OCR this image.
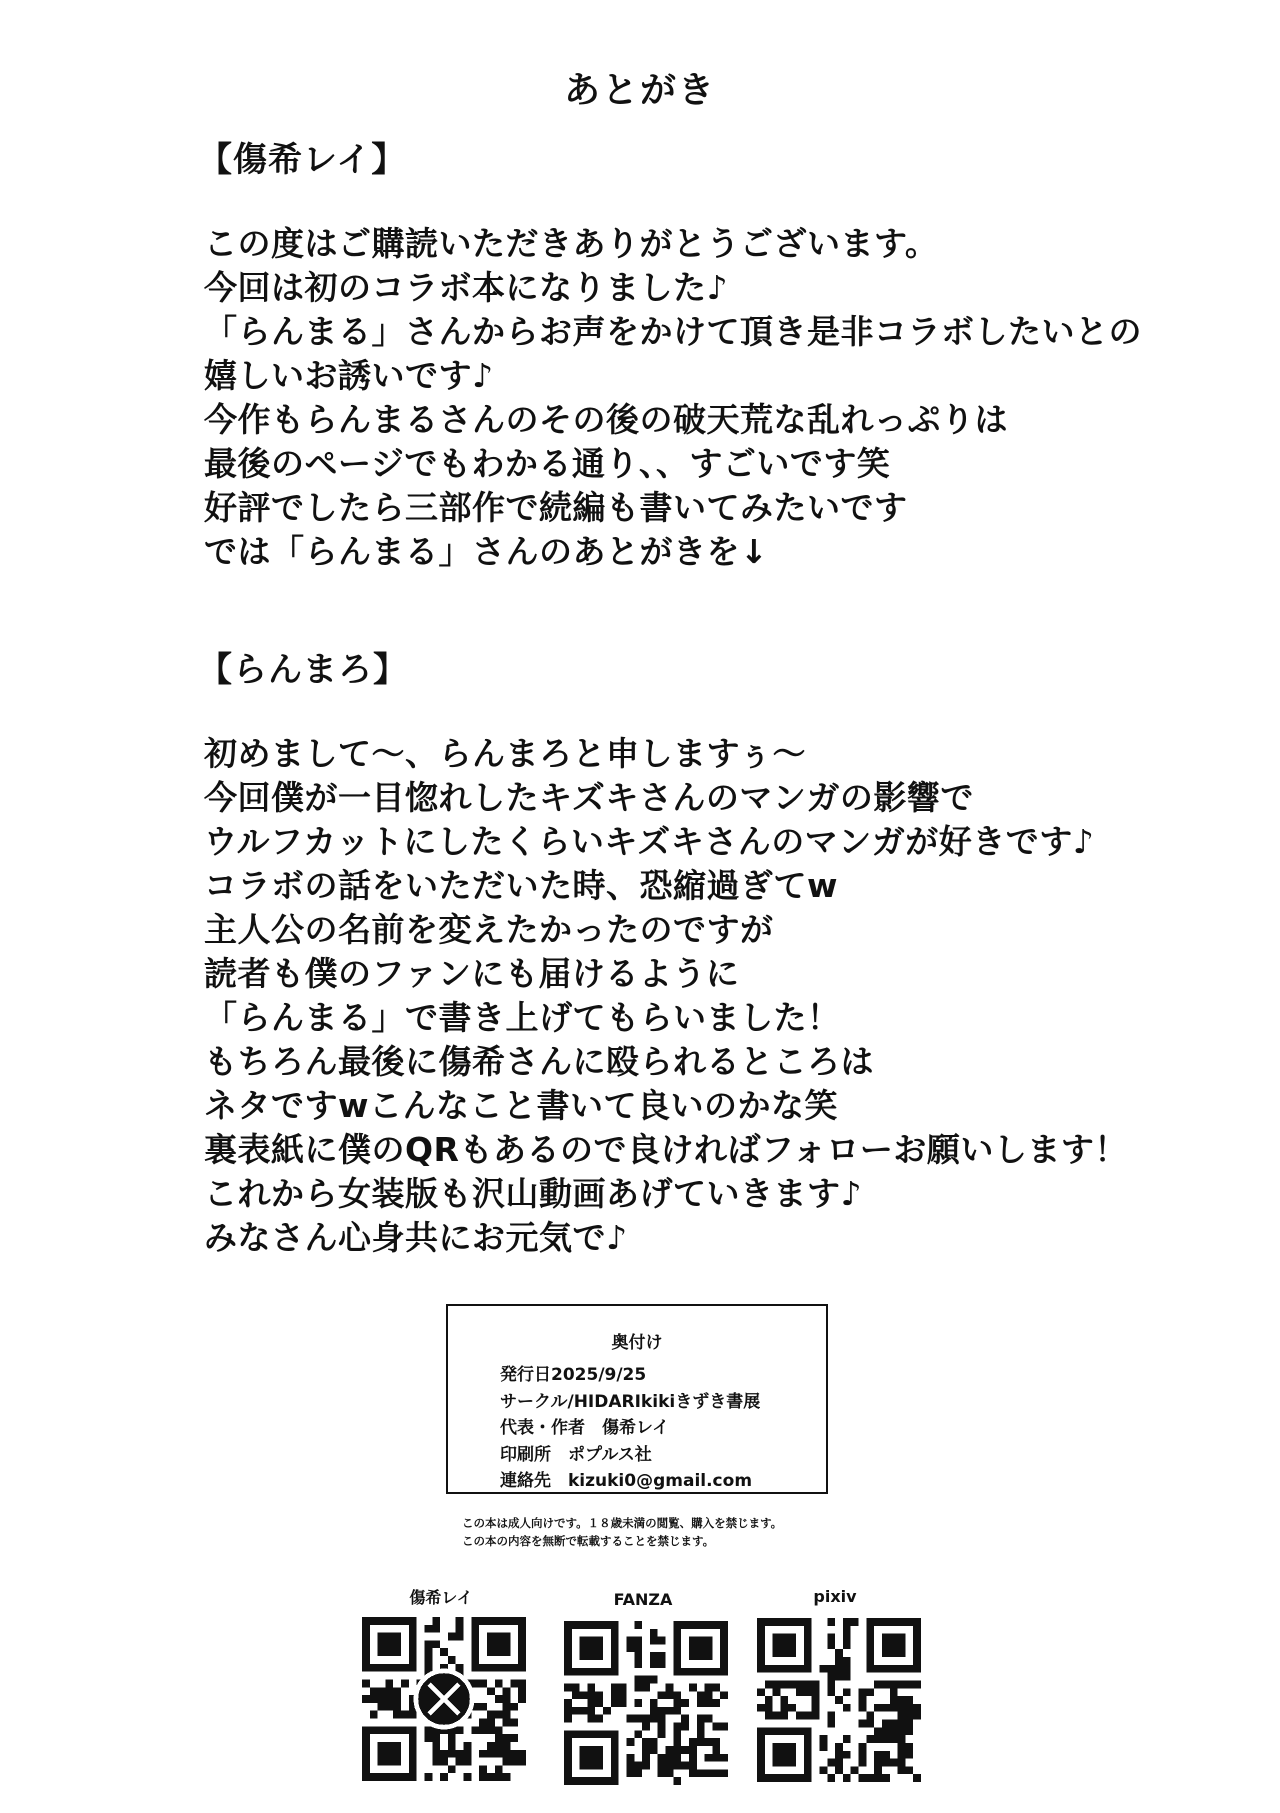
あとがき
【傷希レイ】
この度はご購読いただきありがとうございます。
今回は初のコラボ本になりました♪
「らんまる」さんからお声をかけて頂き是非コラボしたいとの
嬉しいお誘いです♪
今作もらんまるさんのその後の破天荒な乱れっぷりは
最後のページでもわかる通り、、すごいです笑
好評でしたら三部作で続編も書いてみたいです
では「らんまる」さんのあとがきを↓
【らんまろ】
初めまして〜、らんまろと申しますぅ〜
今回僕が一目惚れしたキズキさんのマンガの影響で
ウルフカットにしたくらいキズキさんのマンガが好きです♪
コラボの話をいただいた時、恐縮過ぎてw
主人公の名前を変えたかったのですが
読者も僕のファンにも届けるように
「らんまる」で書き上げてもらいました！
もちろん最後に傷希さんに殴られるところは
ネタですwこんなこと書いて良いのかな笑
裏表紙に僕のQRもあるので良ければフォローお願いします！
これから女装版も沢山動画あげていきます♪
みなさん心身共にお元気で♪
奥付け
発行日2025/9/25
サークル/HIDARIkikiきずき書展
代表・作者　傷希レイ
印刷所　ポプルス社
連絡先　kizuki0@gmail.com
この本は成人向けです。１８歳未満の閲覧、購入を禁じます。
この本の内容を無断で転載することを禁じます。
傷希レイ	FANZA	pixiv
